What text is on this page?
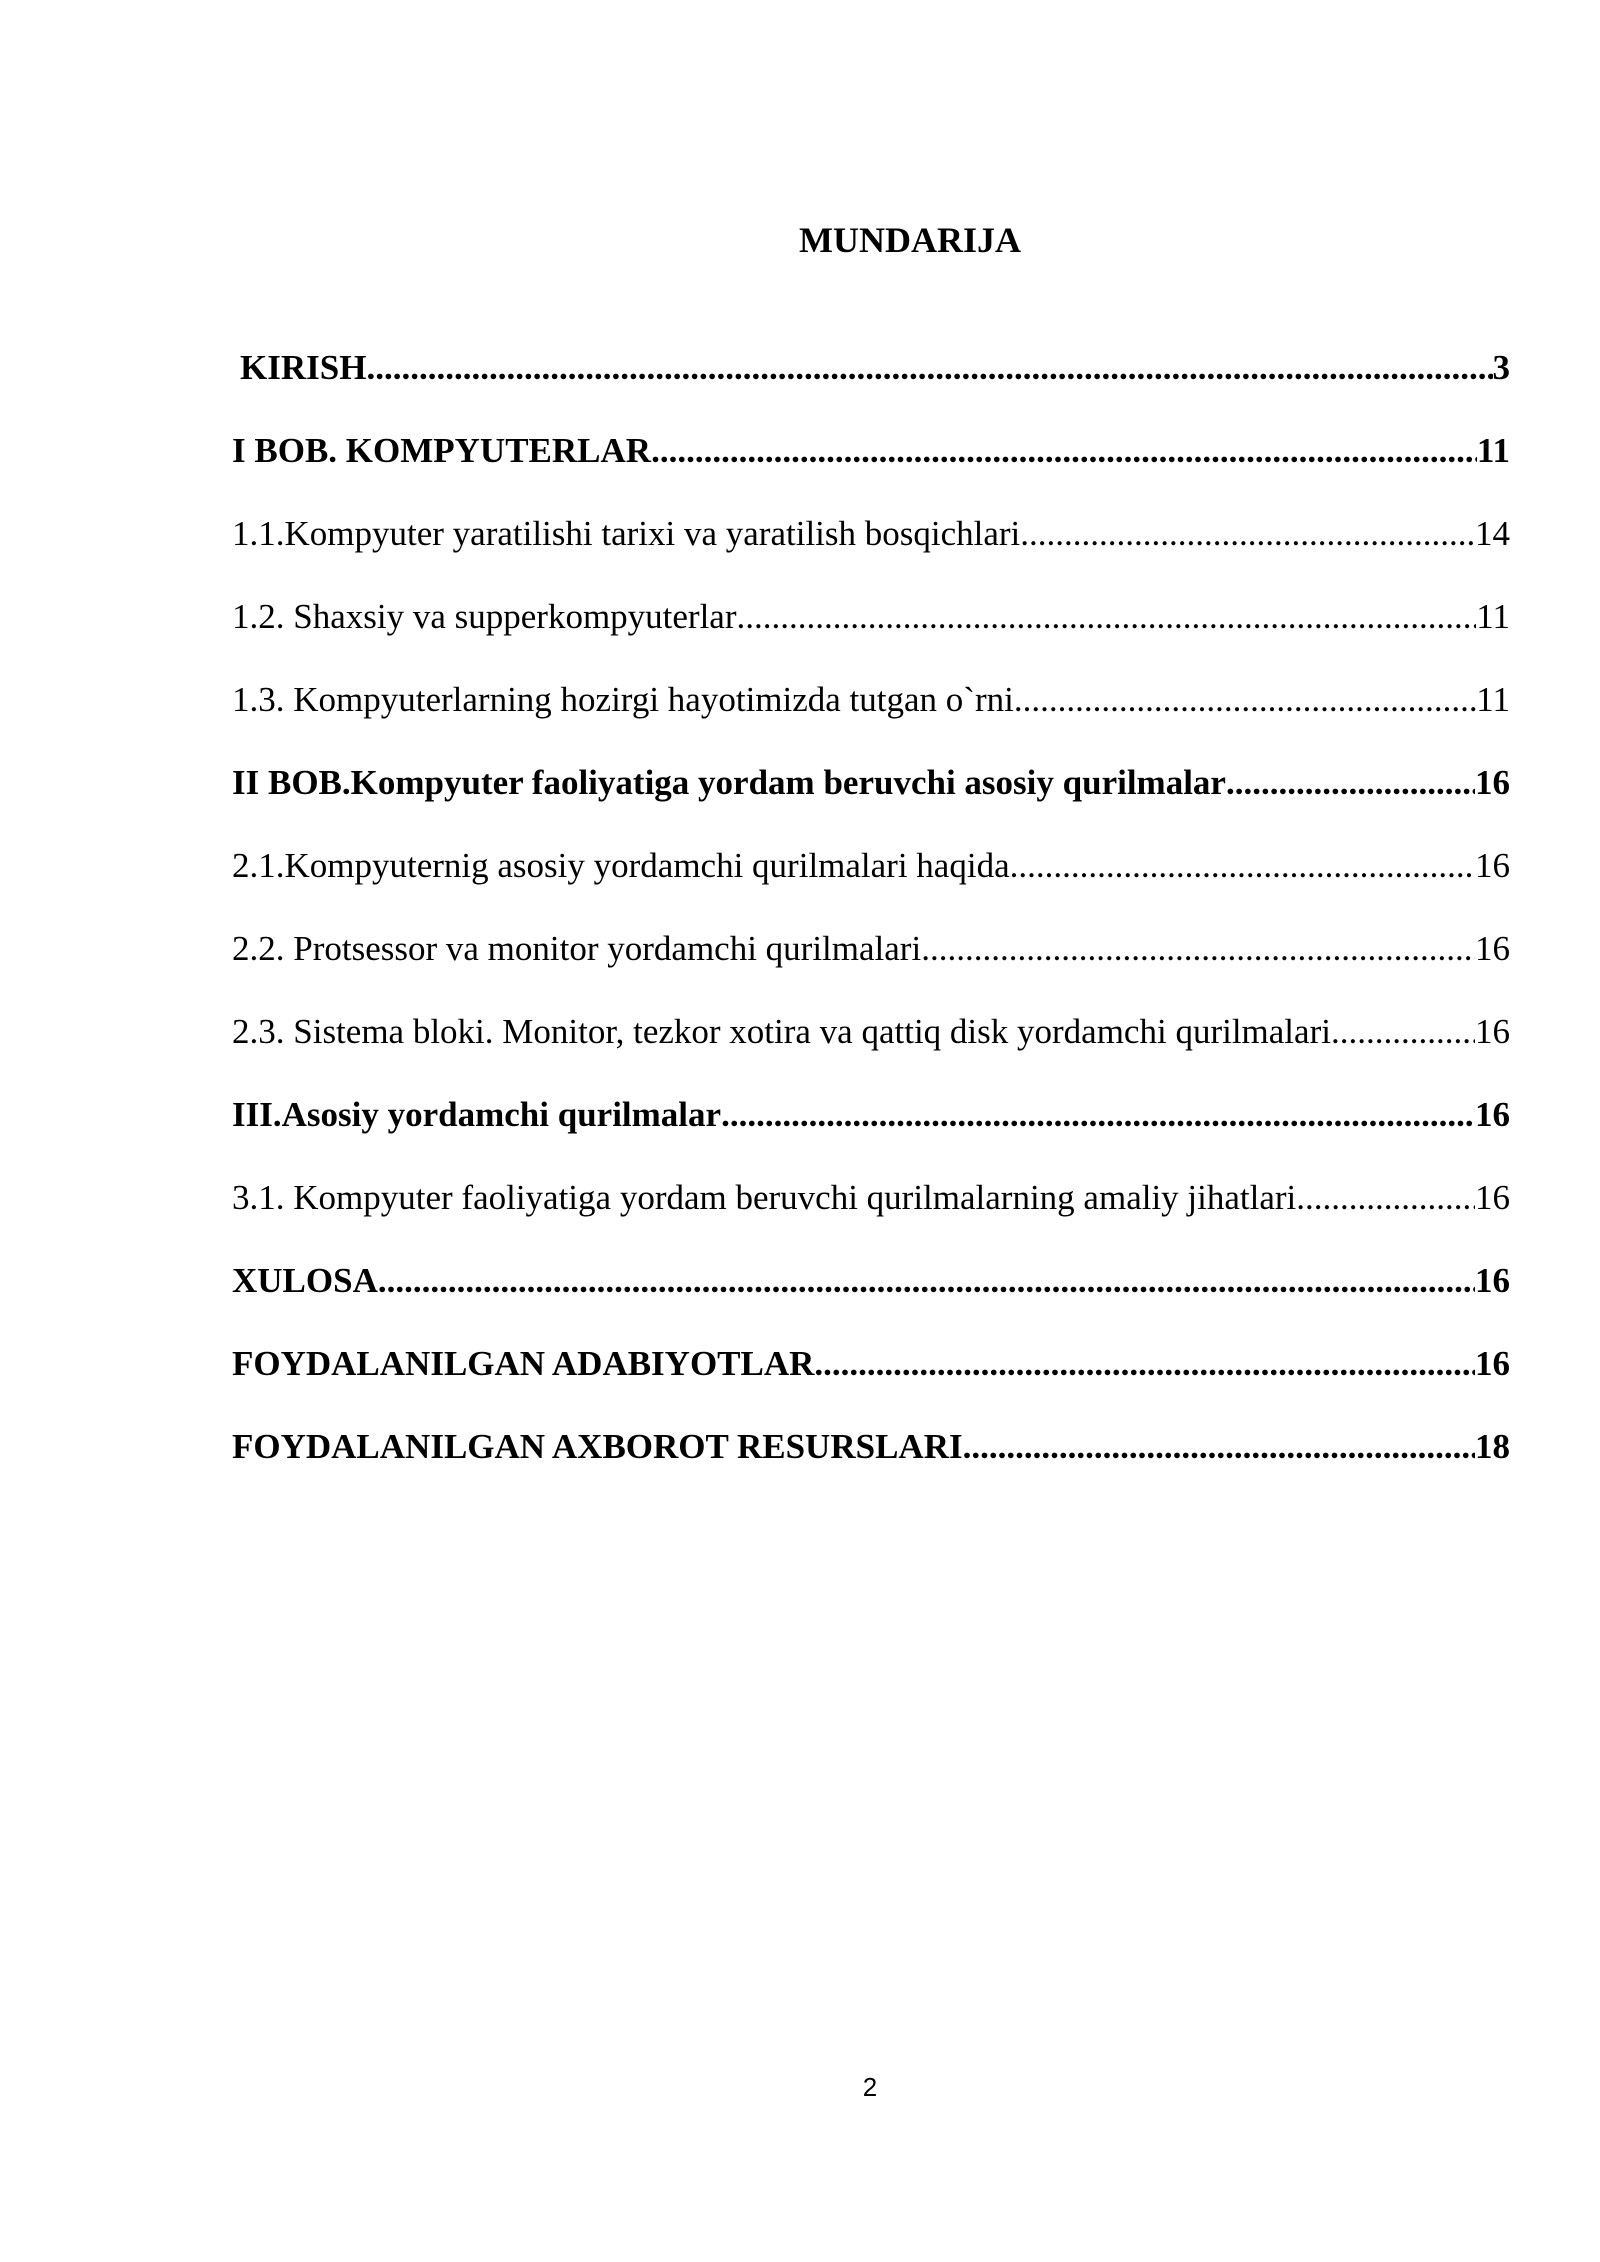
MUNDARIJA
KIRISH .....	3
I BOB. KOMPYUTERLAR .....	11
1.1.Kompyuter yaratilishi tarixi va yaratilish bosqichlari .....	14
1.2. Shaxsiy va supperkompyuterlar .....	11
1.3. Kompyuterlarning hozirgi hayotimizda tutgan o`rni .....	11
II BOB.Kompyuter faoliyatiga yordam beruvchi asosiy qurilmalar .....	16
2.1.Kompyuternig asosiy yordamchi qurilmalari haqida .....	16
2.2. Protsessor va monitor yordamchi qurilmalari .....	16
2.3. Sistema bloki. Monitor, tezkor xotira va qattiq disk yordamchi qurilmalari .....	16
III.Asosiy yordamchi qurilmalar .....	16
3.1. Kompyuter faoliyatiga yordam beruvchi qurilmalarning amaliy jihatlari .....	16
XULOSA .....	16
FOYDALANILGAN ADABIYOTLAR .....	16
FOYDALANILGAN AXBOROT RESURSLARI .....	18
2
